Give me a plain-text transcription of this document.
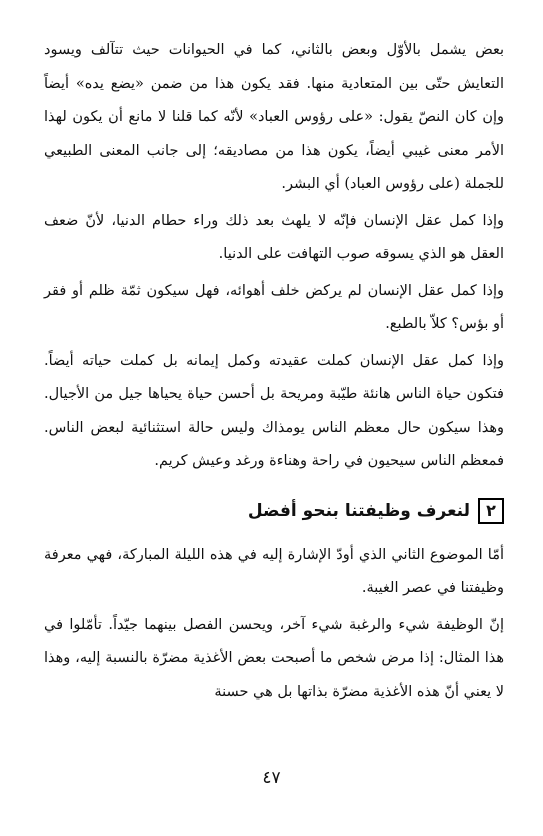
بعض يشمل بالأوّل وبعض بالثاني، كما في الحيوانات حيث تتآلف ويسود التعايش حتّى بين المتعادية منها. فقد يكون هذا من ضمن «يضع يده» أيضاً وإن كان النصّ يقول: «على رؤوس العباد» لأنّه كما قلنا لا مانع أن يكون لهذا الأمر معنى غيبي أيضاً، يكون هذا من مصاديقه؛ إلى جانب المعنى الطبيعي للجملة (على رؤوس العباد) أي البشر.

وإذا كمل عقل الإنسان فإنّه لا يلهث بعد ذلك وراء حطام الدنيا، لأنّ ضعف العقل هو الذي يسوقه صوب التهافت على الدنيا.

وإذا كمل عقل الإنسان لم يركض خلف أهوائه، فهل سيكون ثمّة ظلم أو فقر أو بؤس؟ كلاّ بالطبع.

وإذا كمل عقل الإنسان كملت عقيدته وكمل إيمانه بل كملت حياته أيضاً. فتكون حياة الناس هانئة طيّبة ومريحة بل أحسن حياة يحياها جيل من الأجيال. وهذا سيكون حال معظم الناس يومذاك وليس حالة استثنائية لبعض الناس. فمعظم الناس سيحيون في راحة وهناءة ورغد وعيش كريم.

٢
لنعرف وظيفتنا بنحو أفضل

أمّا الموضوع الثاني الذي أودّ الإشارة إليه في هذه الليلة المباركة، فهي معرفة وظيفتنا في عصر الغيبة.

إنّ الوظيفة شيء والرغبة شيء آخر، ويحسن الفصل بينهما جيّداً. تأمّلوا في هذا المثال: إذا مرض شخص ما أصبحت بعض الأغذية مضرّة بالنسبة إليه، وهذا لا يعني أنّ هذه الأغذية مضرّة بذاتها بل هي حسنة

٤٧
